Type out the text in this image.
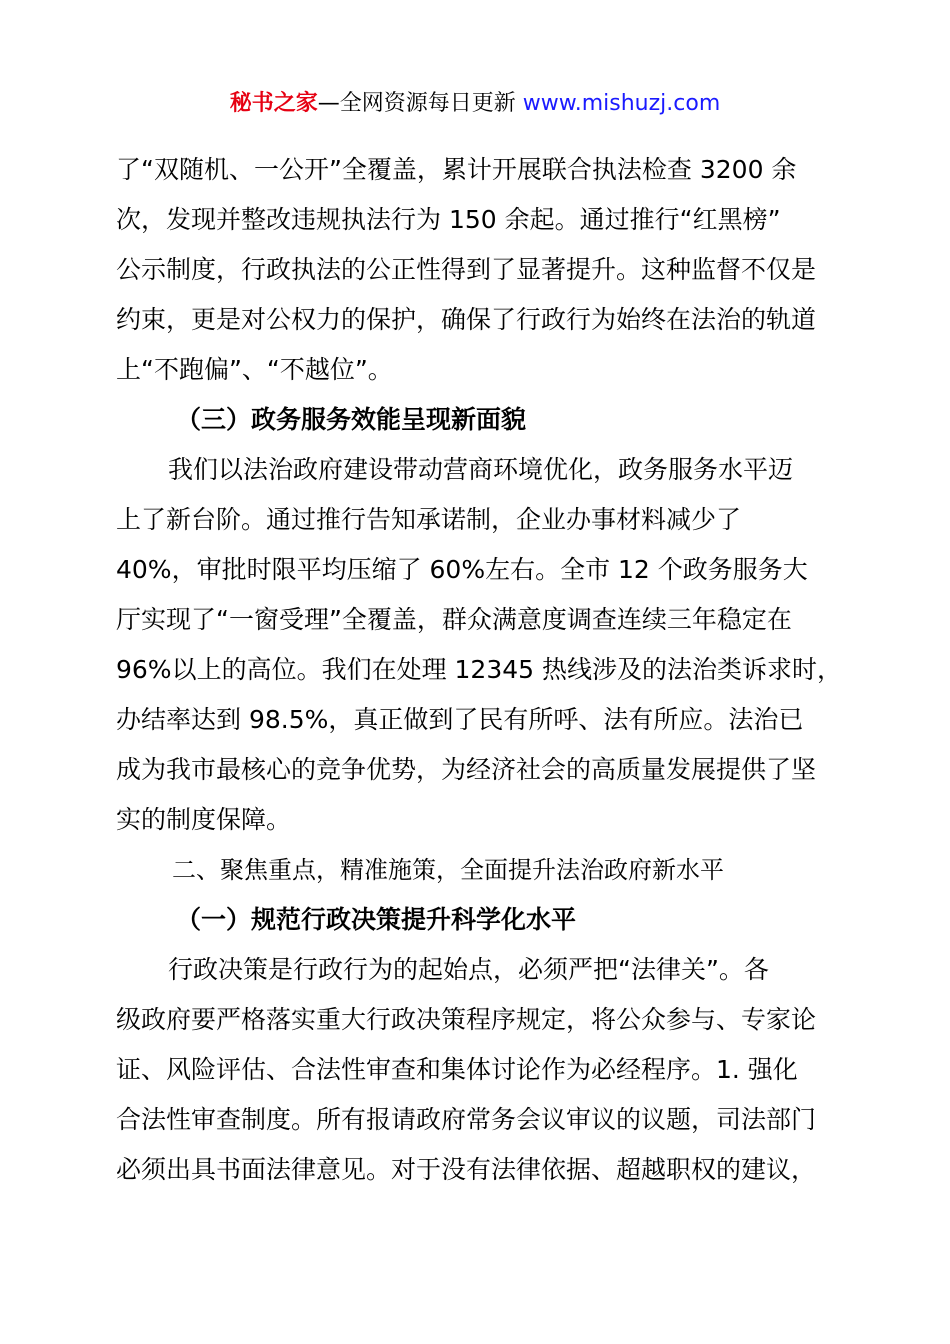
秘书之家—全网资源每日更新 www.mishuzj.com
了“双随机、一公开”全覆盖，累计开展联合执法检查 3200 余
次，发现并整改违规执法行为 150 余起。通过推行“红黑榜”
公示制度，行政执法的公正性得到了显著提升。这种监督不仅是
约束，更是对公权力的保护，确保了行政行为始终在法治的轨道
上“不跑偏”、“不越位”。
（三）政务服务效能呈现新面貌
我们以法治政府建设带动营商环境优化，政务服务水平迈
上了新台阶。通过推行告知承诺制，企业办事材料减少了
40%，审批时限平均压缩了 60%左右。全市 12 个政务服务大
厅实现了“一窗受理”全覆盖，群众满意度调查连续三年稳定在
96%以上的高位。我们在处理 12345 热线涉及的法治类诉求时，
办结率达到 98.5%，真正做到了民有所呼、法有所应。法治已
成为我市最核心的竞争优势，为经济社会的高质量发展提供了坚
实的制度保障。
二、聚焦重点，精准施策，全面提升法治政府新水平
（一）规范行政决策提升科学化水平
行政决策是行政行为的起始点，必须严把“法律关”。各
级政府要严格落实重大行政决策程序规定，将公众参与、专家论
证、风险评估、合法性审查和集体讨论作为必经程序。1. 强化
合法性审查制度。所有报请政府常务会议审议的议题，司法部门
必须出具书面法律意见。对于没有法律依据、超越职权的建议，
